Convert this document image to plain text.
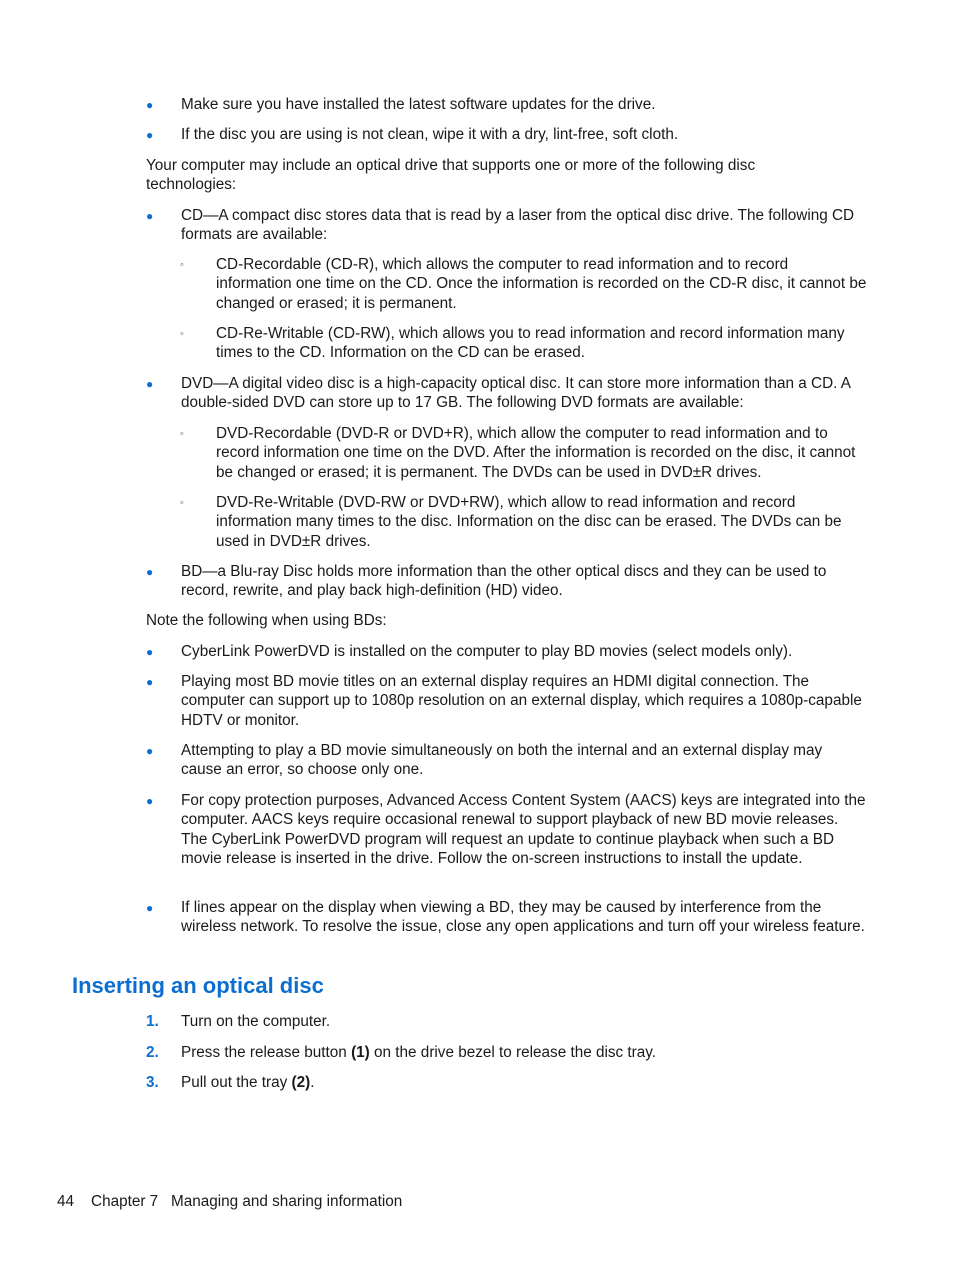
●	Make sure you have installed the latest software updates for the drive.
●	If the disc you are using is not clean, wipe it with a dry, lint-free, soft cloth.
Your computer may include an optical drive that supports one or more of the following disc technologies:
●	CD—A compact disc stores data that is read by a laser from the optical disc drive. The following CD formats are available:
◦	CD-Recordable (CD-R), which allows the computer to read information and to record information one time on the CD. Once the information is recorded on the CD-R disc, it cannot be changed or erased; it is permanent.
◦	CD-Re-Writable (CD-RW), which allows you to read information and record information many times to the CD. Information on the CD can be erased.
●	DVD—A digital video disc is a high-capacity optical disc. It can store more information than a CD. A double-sided DVD can store up to 17 GB. The following DVD formats are available:
◦	DVD-Recordable (DVD-R or DVD+R), which allow the computer to read information and to record information one time on the DVD. After the information is recorded on the disc, it cannot be changed or erased; it is permanent. The DVDs can be used in DVD±R drives.
◦	DVD-Re-Writable (DVD-RW or DVD+RW), which allow to read information and record information many times to the disc. Information on the disc can be erased. The DVDs can be used in DVD±R drives.
●	BD—a Blu-ray Disc holds more information than the other optical discs and they can be used to record, rewrite, and play back high-definition (HD) video.
Note the following when using BDs:
●	CyberLink PowerDVD is installed on the computer to play BD movies (select models only).
●	Playing most BD movie titles on an external display requires an HDMI digital connection. The computer can support up to 1080p resolution on an external display, which requires a 1080p-capable HDTV or monitor.
●	Attempting to play a BD movie simultaneously on both the internal and an external display may cause an error, so choose only one.
●	For copy protection purposes, Advanced Access Content System (AACS) keys are integrated into the computer. AACS keys require occasional renewal to support playback of new BD movie releases. The CyberLink PowerDVD program will request an update to continue playback when such a BD movie release is inserted in the drive. Follow the on-screen instructions to install the update.
●	If lines appear on the display when viewing a BD, they may be caused by interference from the wireless network. To resolve the issue, close any open applications and turn off your wireless feature.
Inserting an optical disc
1. Turn on the computer.
2. Press the release button (1) on the drive bezel to release the disc tray.
3. Pull out the tray (2).
44 Chapter 7 Managing and sharing information
